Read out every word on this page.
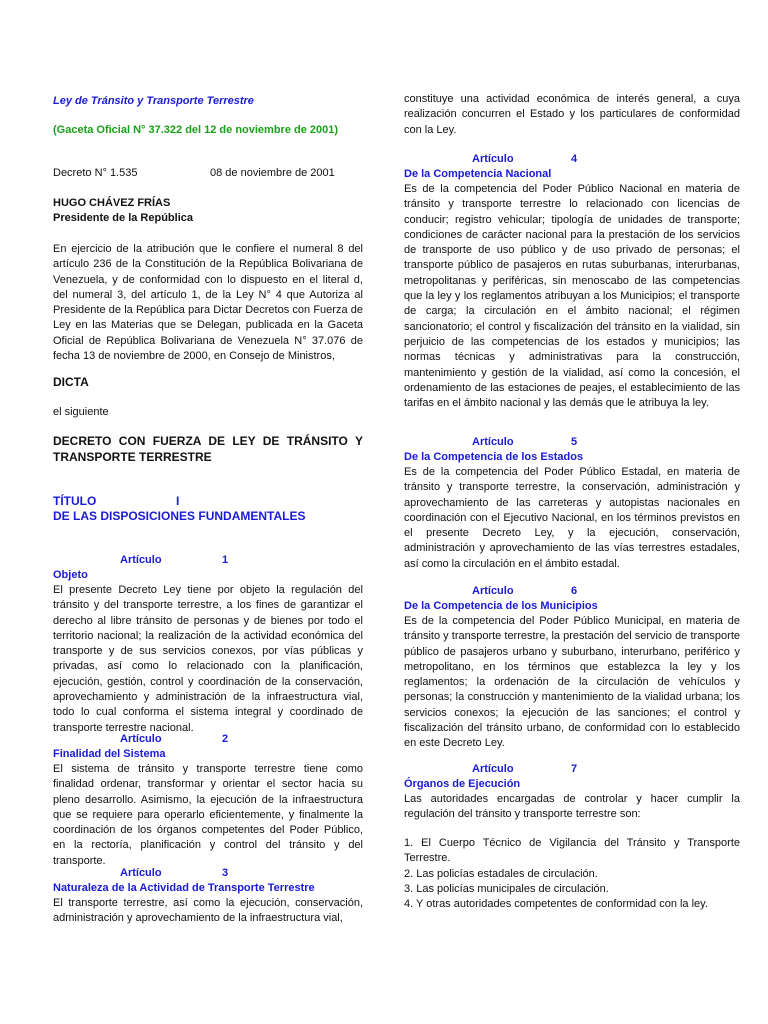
Ley de Tránsito y Transporte Terrestre
(Gaceta Oficial N° 37.322 del 12 de noviembre de 2001)
Decreto N° 1.535	08 de noviembre de 2001
HUGO CHÁVEZ FRÍAS
Presidente de la República

En ejercicio de la atribución que le confiere el numeral 8 del artículo 236 de la Constitución de la República Bolivariana de Venezuela, y de conformidad con lo dispuesto en el literal d, del numeral 3, del artículo 1, de la Ley N° 4 que Autoriza al Presidente de la República para Dictar Decretos con Fuerza de Ley en las Materias que se Delegan, publicada en la Gaceta Oficial de República Bolivariana de Venezuela N° 37.076 de fecha 13 de noviembre de 2000, en Consejo de Ministros,

DICTA
el siguiente
DECRETO CON FUERZA DE LEY DE TRÁNSITO Y TRANSPORTE TERRESTRE
TÍTULO	I
DE LAS DISPOSICIONES FUNDAMENTALES
Artículo	1
Objeto

El presente Decreto Ley tiene por objeto la regulación del tránsito y del transporte terrestre, a los fines de garantizar el derecho al libre tránsito de personas y de bienes por todo el territorio nacional; la realización de la actividad económica del transporte y de sus servicios conexos, por vías públicas y privadas, así como lo relacionado con la planificación, ejecución, gestión, control y coordinación de la conservación, aprovechamiento y administración de la infraestructura vial, todo lo cual conforma el sistema integral y coordinado de transporte terrestre nacional.

Artículo	2
Finalidad del Sistema

El sistema de tránsito y transporte terrestre tiene como finalidad ordenar, transformar y orientar el sector hacia su pleno desarrollo. Asimismo, la ejecución de la infraestructura que se requiere para operarlo eficientemente, y finalmente la coordinación de los órganos competentes del Poder Público, en la rectoría, planificación y control del tránsito y del transporte.

Artículo	3
Naturaleza de la Actividad de Transporte Terrestre

El transporte terrestre, así como la ejecución, conservación, administración y aprovechamiento de la infraestructura vial,

constituye una actividad económica de interés general, a cuya realización concurren el Estado y los particulares de conformidad con la Ley.

Artículo	4
De la Competencia Nacional

Es de la competencia del Poder Público Nacional en materia de tránsito y transporte terrestre lo relacionado con licencias de conducir; registro vehicular; tipología de unidades de transporte; condiciones de carácter nacional para la prestación de los servicios de transporte de uso público y de uso privado de personas; el transporte público de pasajeros en rutas suburbanas, interurbanas, metropolitanas y periféricas, sin menoscabo de las competencias que la ley y los reglamentos atribuyan a los Municipios; el transporte de carga; la circulación en el ámbito nacional; el régimen sancionatorio; el control y fiscalización del tránsito en la vialidad, sin perjuicio de las competencias de los estados y municipios; las normas técnicas y administrativas para la construcción, mantenimiento y gestión de la vialidad, así como la concesión, el ordenamiento de las estaciones de peajes, el establecimiento de las tarifas en el ámbito nacional y las demás que le atribuya la ley.

Artículo	5
De la Competencia de los Estados

Es de la competencia del Poder Público Estadal, en materia de tránsito y transporte terrestre, la conservación, administración y aprovechamiento de las carreteras y autopistas nacionales en coordinación con el Ejecutivo Nacional, en los términos previstos en el presente Decreto Ley, y la ejecución, conservación, administración y aprovechamiento de las vías terrestres estadales, así como la circulación en el ámbito estadal.

Artículo	6
De la Competencia de los Municipios

Es de la competencia del Poder Público Municipal, en materia de tránsito y transporte terrestre, la prestación del servicio de transporte público de pasajeros urbano y suburbano, interurbano, periférico y metropolitano, en los términos que establezca la ley y los reglamentos; la ordenación de la circulación de vehículos y personas; la construcción y mantenimiento de la vialidad urbana; los servicios conexos; la ejecución de las sanciones; el control y fiscalización del tránsito urbano, de conformidad con lo establecido en este Decreto Ley.

Artículo	7
Órganos de Ejecución

Las autoridades encargadas de controlar y hacer cumplir la regulación del tránsito y transporte terrestre son:

1. El Cuerpo Técnico de Vigilancia del Tránsito y Transporte Terrestre.

2. Las policías estadales de circulación.

3. Las policías municipales de circulación.

4. Y otras autoridades competentes de conformidad con la ley.
